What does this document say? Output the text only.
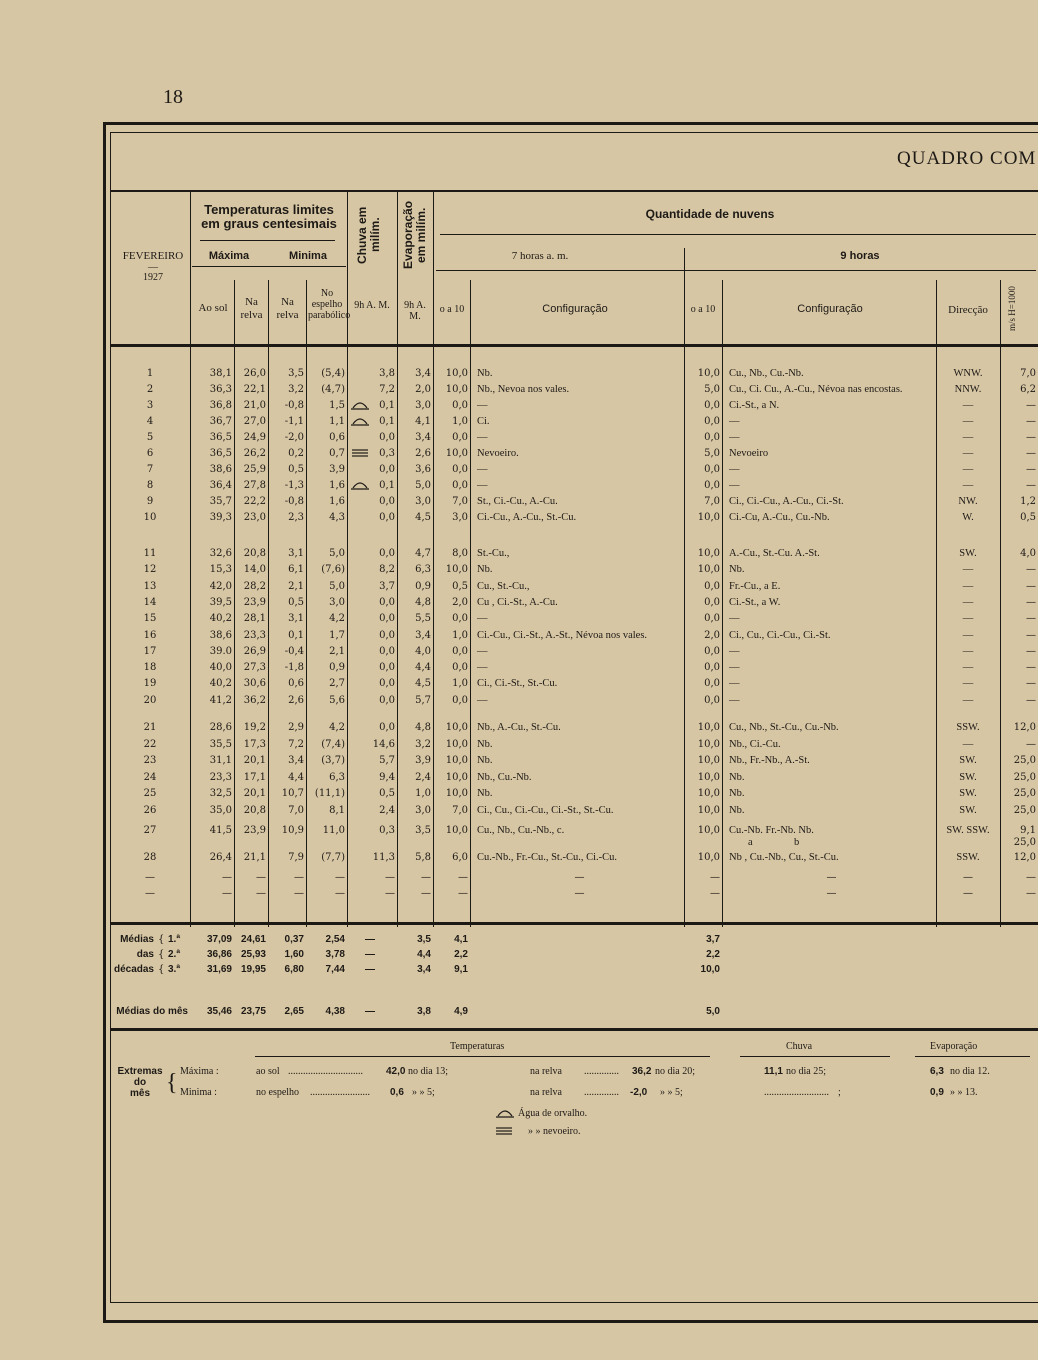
18
QUADRO COM
FEVEREIRO
—
1927
Temperaturas limites em graus centesimais
Máxima	Minima	Chuva em milím.	Evaporação em milím.
Ao sol	Na relva
Na relva
No espelho parabólico
9h A. M.	9h A. M.
Quantidade de nuvens
7 horas a. m.	9 horas
o a 10	Configuração	o a 10	Configuração	Direcção	m/s H=1000
1	38,1	26,0	3,5	(5,4)	3,8	3,4	10,0 Nb.	10,0 Cu., Nb., Cu.-Nb.	WNW.	7,0
2	36,3	22,1	3,2	(4,7)	7,2	2,0	10,0 Nb., Nevoa nos vales.	5,0 Cu., Ci. Cu., A.-Cu., Névoa nas encostas.	NNW.	6,2
3	36,8	21,0	-0,8	1,5	0,1	3,0	0,0 —	0,0 Ci.-St., a N.	—	—
4	36,7	27,0	-1,1	1,1	0,1	4,1	1,0 Ci.	0,0 —	—	—
5	36,5	24,9	-2,0	0,6	0,0	3,4	0,0 —	0,0 —	—	—
6	36,5	26,2	0,2	0,7	0,3	2,6	10,0 Nevoeiro.	5,0 Nevoeiro	—	—
7	38,6	25,9	0,5	3,9	0,0	3,6	0,0 —	0,0 —	—	—
8	36,4	27,8	-1,3	1,6	0,1	5,0	0,0 —	0,0 —	—	—
9	35,7	22,2	-0,8	1,6	0,0	3,0	7,0 St., Ci.-Cu., A.-Cu.	7,0 Ci., Ci.-Cu., A.-Cu., Ci.-St.	NW.	1,2
10	39,3	23,0	2,3	4,3	0,0	4,5	3,0 Ci.-Cu., A.-Cu., St.-Cu.	10,0 Ci.-Cu, A.-Cu., Cu.-Nb.	W.	0,5
11	32,6	20,8	3,1	5,0	0,0	4,7	8,0 St.-Cu.,	10,0 A.-Cu., St.-Cu. A.-St.	SW.	4,0
12	15,3	14,0	6,1	(7,6)	8,2	6,3	10,0 Nb.	10,0 Nb.	—	—
13	42,0	28,2	2,1	5,0	3,7	0,9	0,5 Cu., St.-Cu.,	0,0 Fr.-Cu., a E.	—	—
14	39,5	23,9	0,5	3,0	0,0	4,8	2,0 Cu , Ci.-St., A.-Cu.	0,0 Ci.-St., a W.	—	—
15	40,2	28,1	3,1	4,2	0,0	5,5	0,0 —	0,0 —	—	—
16	38,6	23,3	0,1	1,7	0,0	3,4	1,0 Ci.-Cu., Ci.-St., A.-St., Névoa nos vales.	2,0 Ci., Cu., Ci.-Cu., Ci.-St.	—	—
17	39.0	26,9	-0,4	2,1	0,0	4,0	0,0 —	0,0 —	—	—
18	40,0	27,3	-1,8	0,9	0,0	4,4	0,0 —	0,0 —	—	—
19	40,2	30,6	0,6	2,7	0,0	4,5	1,0 Ci., Ci.-St., St.-Cu.	0,0 —	—	—
20	41,2	36,2	2,6	5,6	0,0	5,7	0,0 —	0,0 —	—	—
21	28,6	19,2	2,9	4,2	0,0	4,8	10,0 Nb., A.-Cu., St.-Cu.	10,0 Cu., Nb., St.-Cu., Cu.-Nb.	SSW.	12,0
22	35,5	17,3	7,2	(7,4)	14,6	3,2	10,0 Nb.	10,0 Nb., Ci.-Cu.	—	—
23	31,1	20,1	3,4	(3,7)	5,7	3,9	10,0 Nb.	10,0 Nb., Fr.-Nb., A.-St.	SW.	25,0
24	23,3	17,1	4,4	6,3	9,4	2,4	10,0 Nb., Cu.-Nb.	10,0 Nb.	SW.	25,0
25	32,5	20,1	10,7	(11,1)	0,5	1,0	10,0 Nb.	10,0 Nb.	SW.	25,0
26	35,0	20,8	7,0	8,1	2,4	3,0	7,0 Ci., Cu., Ci.-Cu., Ci.-St., St.-Cu.	10,0 Nb.	SW.	25,0
27	41,5	23,9	10,9	11,0	0,3	3,5	10,0 Cu., Nb., Cu.-Nb., c.	10,0 Cu.-Nb. Fr.-Nb. Nb.	SW. SSW.	9,1 25,0
28	26,4	21,1	7,9	(7,7)	11,3	5,8	6,0 Cu.-Nb., Fr.-Cu., St.-Cu., Ci.-Cu.	10,0 Nb , Cu.-Nb., Cu., St.-Cu.	SSW.	12,0
a	b
—	—	—	—	—	—	—	—	—	—	—	—	—
—	—	—	—	—	—	—	—	—	—	—	—	—
Médias
das
décadas
{ 1.ª	37,09 24,61	0,37	2,54	—	3,5	4,1	3,7
{ 2.ª	36,86 25,93	1,60	3,78	—	4,4	2,2	2,2
{ 3.ª	31,69 19,95	6,80	7,44	—	3,4	9,1	10,0
Médias do mês	35,46 23,75	2,65	4,38	—	3,8	4,9	5,0
Temperaturas	Chuva	Evaporação
Extremas
do
mês { Máxima :
Minima :
ao sol ..............................	42,0 no dia 13;	na relva ..............	36,2 no dia 20;	11,1 no dia 25;	6,3 no dia 12.
no espelho ........................	0,6 » » 5;	na relva ..............	-2,0 » » 5;	.......................... ;	0,9 » » 13.
Água de orvalho.
» » nevoeiro.
